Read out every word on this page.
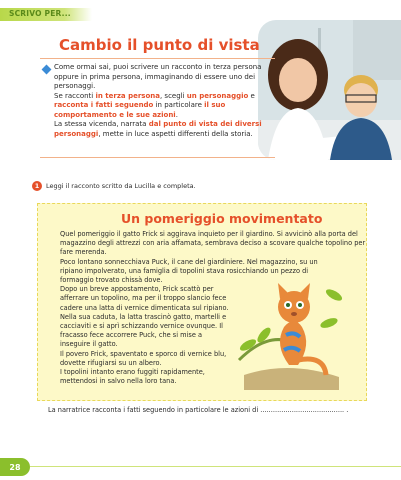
SCRIVO PER...
Cambio il punto di vista
Come ormai sai, puoi scrivere un racconto in terza persona oppure in prima persona, immaginando di essere uno dei personaggi.
Se racconti in terza persona, scegli un personaggio e racconta i fatti seguendo in particolare il suo comportamento e le sue azioni.
La stessa vicenda, narrata dal punto di vista dei diversi personaggi, mette in luce aspetti differenti della storia.
1	Leggi il racconto scritto da Lucilla e completa.
Un pomeriggio movimentato

Quel pomeriggio il gatto Frick si aggirava inquieto per il giardino. Si avvicinò alla porta del magazzino degli attrezzi con aria affamata, sembrava deciso a scovare qualche topolino per fare merenda.

Poco lontano sonnecchiava Puck, il cane del giardiniere. Nel magazzino, su un ripiano impolverato, una famiglia di topolini stava rosicchiando un pezzo di formaggio trovato chissà dove.

Dopo un breve appostamento, Frick scattò per afferrare un topolino, ma per il troppo slancio fece cadere una latta di vernice dimenticata sul ripiano. Nella sua caduta, la latta trascinò gatto, martelli e cacciaviti e si aprì schizzando vernice ovunque. Il fracasso fece accorrere Puck, che si mise a inseguire il gatto.

Il povero Frick, spaventato e sporco di vernice blu, dovette rifugiarsi su un albero.

I topolini intanto erano fuggiti rapidamente, mettendosi in salvo nella loro tana.

La narratrice racconta i fatti seguendo in particolare le azioni di ........................................ .
28
